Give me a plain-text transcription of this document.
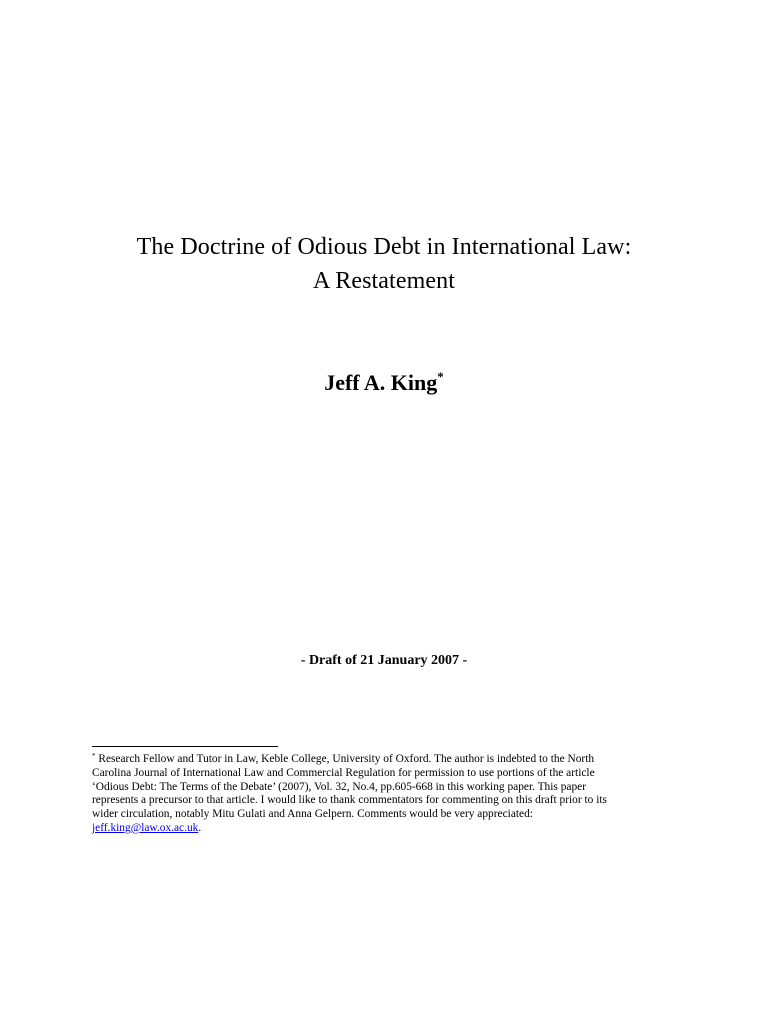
The Doctrine of Odious Debt in International Law:
A Restatement
Jeff A. King*
- Draft of 21 January 2007 -
* Research Fellow and Tutor in Law, Keble College, University of Oxford. The author is indebted to the North
Carolina Journal of International Law and Commercial Regulation for permission to use portions of the article
‘Odious Debt: The Terms of the Debate’ (2007), Vol. 32, No.4, pp.605-668 in this working paper. This paper
represents a precursor to that article. I would like to thank commentators for commenting on this draft prior to its
wider circulation, notably Mitu Gulati and Anna Gelpern. Comments would be very appreciated:
jeff.king@law.ox.ac.uk.
